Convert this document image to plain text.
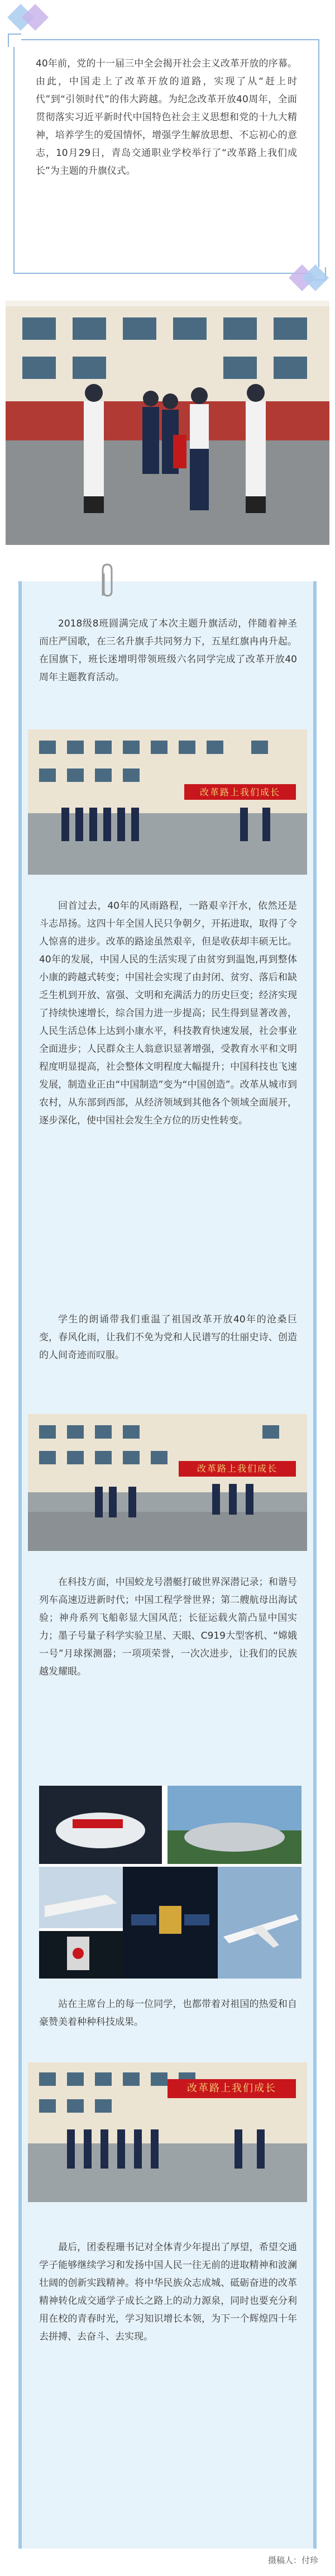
40年前，党的十一届三中全会揭开社会主义改革开放的序幕。由此，中国走上了改革开放的道路，实现了从“赶上时代”到“引领时代”的伟大跨越。为纪念改革开放40周年，全面贯彻落实习近平新时代中国特色社会主义思想和党的十九大精神，培养学生的爱国情怀，增强学生解放思想、不忘初心的意志，10月29日，青岛交通职业学校举行了“改革路上我们成长”为主题的升旗仪式。

2018级8班圆满完成了本次主题升旗活动，伴随着神圣而庄严国歌，在三名升旗手共同努力下，五星红旗冉冉升起。在国旗下，班长迷增明带领班级六名同学完成了改革开放40周年主题教育活动。

改革路上我们成长

回首过去，40年的风雨路程，一路艰辛汗水，依然还是斗志昂扬。这四十年全国人民只争朝夕，开拓进取，取得了令人惊喜的进步。改革的路途虽然艰辛，但是收获却丰硕无比。40年的发展，中国人民的生活实现了由贫穷到温饱,再到整体小康的跨越式转变；中国社会实现了由封闭、贫穷、落后和缺乏生机到开放、富强、文明和充满活力的历史巨变；经济实现了持续快速增长，综合国力进一步提高；民生得到显著改善，人民生活总体上达到小康水平，科技教育快速发展，社会事业全面进步；人民群众主人翁意识显著增强，受教育水平和文明程度明显提高，社会整体文明程度大幅提升；中国科技也飞速发展，制造业正由“中国制造”变为“中国创造”。改革从城市到农村，从东部到西部，从经济领域到其他各个领域全面展开，逐步深化，使中国社会发生全方位的历史性转变。

学生的朗诵带我们重温了祖国改革开放40年的沧桑巨变，春风化雨，让我们不免为党和人民谱写的壮丽史诗、创造的人间奇迹而叹服。

改革路上我们成长

在科技方面，中国蛟龙号潜艇打破世界深潜记录；和谐号列车高速迈进新时代；中国工程学誉世界；第二艘航母出海试验；神舟系列飞船彰显大国风范；长征运载火箭凸显中国实力；墨子号量子科学实验卫星、天眼、C919大型客机、“嫦娥一号”月球探测器；一项项荣誉，一次次进步，让我们的民族越发耀眼。

站在主席台上的每一位同学，也都带着对祖国的热爱和自豪赞美着种种科技成果。

改革路上我们成长

最后，团委程珊书记对全体青少年提出了厚望，希望交通学子能够继续学习和发扬中国人民一往无前的进取精神和波澜壮阔的创新实践精神。将中华民族众志成城、砥砺奋进的改革精神转化成交通学子成长之路上的动力源泉，同时也要充分利用在校的青春时光，学习知识增长本领，为下一个辉煌四十年去拼搏、去奋斗、去实现。

摄稿人：付珍
